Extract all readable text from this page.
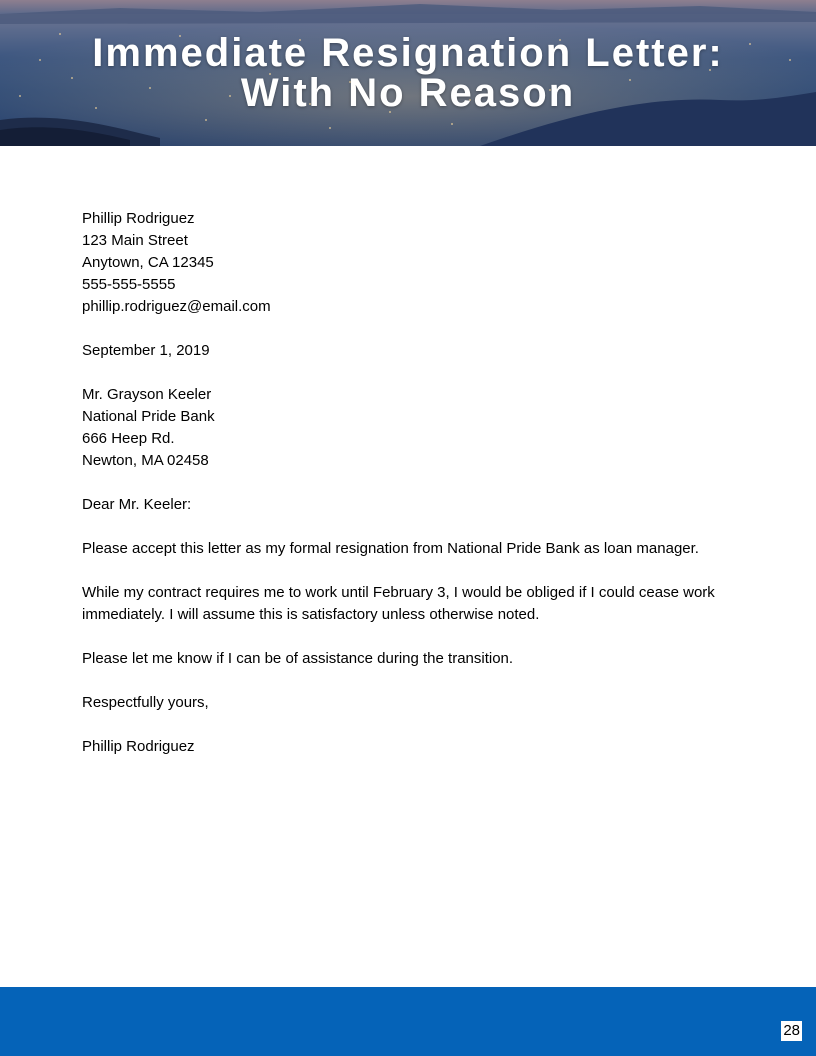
Immediate Resignation Letter:
With No Reason
Phillip Rodriguez
123 Main Street
Anytown, CA 12345
555-555-5555
phillip.rodriguez@email.com
September 1, 2019
Mr. Grayson Keeler
National Pride Bank
666 Heep Rd.
Newton, MA 02458
Dear Mr. Keeler:
Please accept this letter as my formal resignation from National Pride Bank as loan manager.
While my contract requires me to work until February 3, I would be obliged if I could cease work immediately. I will assume this is satisfactory unless otherwise noted.
Please let me know if I can be of assistance during the transition.
Respectfully yours,
Phillip Rodriguez
28
